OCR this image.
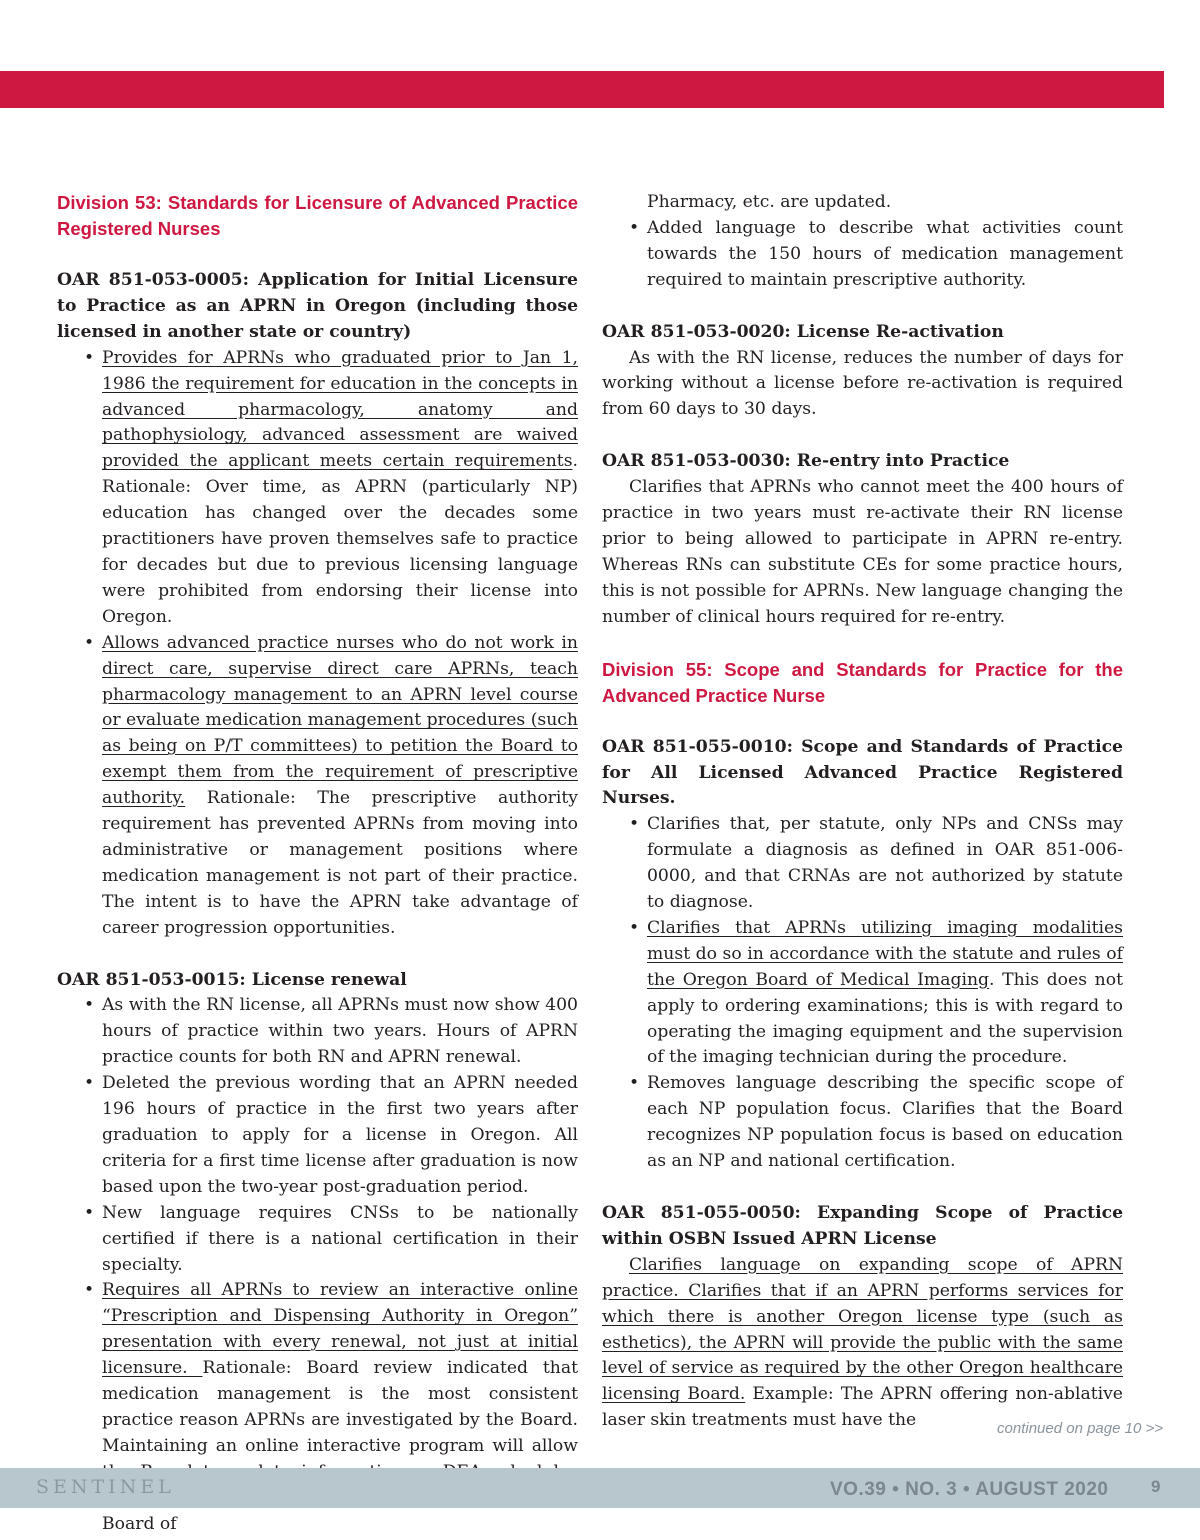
Division 53: Standards for Licensure of Advanced Practice Registered Nurses

OAR 851-053-0005: Application for Initial Licensure to Practice as an APRN in Oregon (including those licensed in another state or country)

• Provides for APRNs who graduated prior to Jan 1, 1986 the requirement for education in the concepts in advanced pharmacology, anatomy and pathophysiology, advanced assessment are waived provided the applicant meets certain requirements. Rationale: Over time, as APRN (particularly NP) education has changed over the decades some practitioners have proven themselves safe to practice for decades but due to previous licensing language were prohibited from endorsing their license into Oregon.
• Allows advanced practice nurses who do not work in direct care, supervise direct care APRNs, teach pharmacology management to an APRN level course or evaluate medication management procedures (such as being on P/T committees) to petition the Board to exempt them from the requirement of prescriptive authority. Rationale: The prescriptive authority requirement has prevented APRNs from moving into administrative or management positions where medication management is not part of their practice. The intent is to have the APRN take advantage of career progression opportunities.

OAR 851-053-0015: License renewal

• As with the RN license, all APRNs must now show 400 hours of practice within two years. Hours of APRN practice counts for both RN and APRN renewal.
• Deleted the previous wording that an APRN needed 196 hours of practice in the first two years after graduation to apply for a license in Oregon. All criteria for a first time license after graduation is now based upon the two-year post-graduation period.
• New language requires CNSs to be nationally certified if there is a national certification in their specialty.
• Requires all APRNs to review an interactive online “Prescription and Dispensing Authority in Oregon” presentation with every renewal, not just at initial licensure. Rationale: Board review indicated that medication management is the most consistent practice reason APRNs are investigated by the Board. Maintaining an online interactive program will allow Board of
Pharmacy, etc. are updated.
• Added language to describe what activities count towards the 150 hours of medication management required to maintain prescriptive authority.

OAR 851-053-0020: License Re-activation

As with the RN license, reduces the number of days for working without a license before re-activation is required from 60 days to 30 days.

OAR 851-053-0030: Re-entry into Practice

Clarifies that APRNs who cannot meet the 400 hours of practice in two years must re-activate their RN license prior to being allowed to participate in APRN re-entry. Whereas RNs can substitute CEs for some practice hours, this is not possible for APRNs. New language changing the number of clinical hours required for re-entry.

Division 55: Scope and Standards for Practice for the Advanced Practice Nurse

OAR 851-055-0010: Scope and Standards of Practice for All Licensed Advanced Practice Registered Nurses.

• Clarifies that, per statute, only NPs and CNSs may formulate a diagnosis as defined in OAR 851-006-0000, and that CRNAs are not authorized by statute to diagnose.
• Clarifies that APRNs utilizing imaging modalities must do so in accordance with the statute and rules of the Oregon Board of Medical Imaging. This does not apply to ordering examinations; this is with regard to operating the imaging equipment and the supervision of the imaging technician during the procedure.
• Removes language describing the specific scope of each NP population focus. Clarifies that the Board recognizes NP population focus is based on education as an NP and national certification.

OAR 851-055-0050: Expanding Scope of Practice within OSBN Issued APRN License

Clarifies language on expanding scope of APRN practice. Clarifies that if an APRN performs services for which there is another Oregon license type (such as esthetics), the APRN will provide the public with the same level of service as required by the other Oregon healthcare licensing Board. Example: The APRN offering non-ablative laser skin treatments must have the	continued on page 10 >>
SENTINEL	VO.39 • NO. 3 • AUGUST 2020	9
